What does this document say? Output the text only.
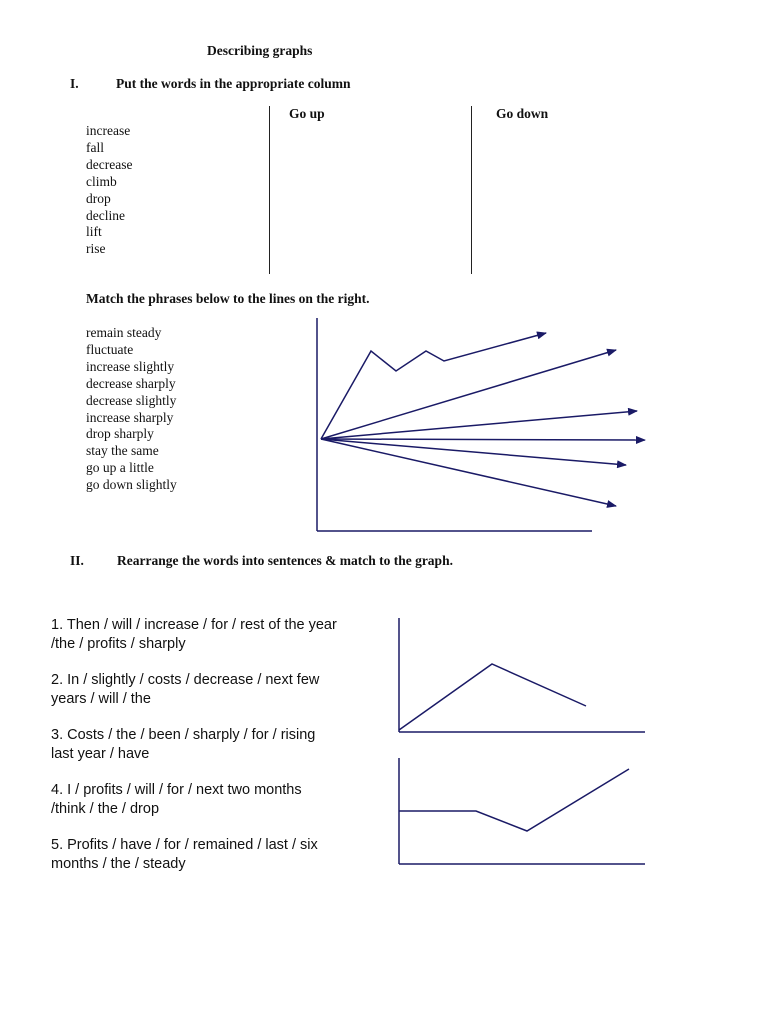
Describing graphs
I.	Put the words in the appropriate column
increase
fall
decrease
climb
drop
decline
lift
rise
Go up	Go down
Match the phrases below to the lines on the right.
remain steady
fluctuate
increase slightly
decrease sharply
decrease slightly
increase sharply
drop sharply
stay the same
go up a little
go down slightly
II. Rearrange the words into sentences & match to the graph.
1. Then / will / increase / for / rest of the year
/the / profits / sharply
2. In / slightly / costs / decrease / next few
years / will / the
3. Costs / the / been / sharply / for / rising
last year / have
4. I / profits / will / for / next two months
/think / the / drop
5. Profits / have / for / remained / last / six
months / the / steady
